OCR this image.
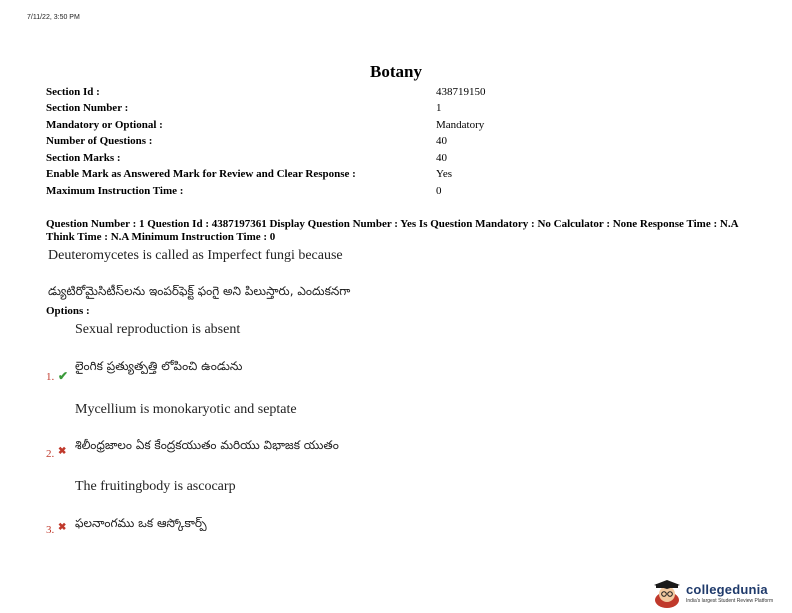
7/11/22, 3:50 PM
Botany
Section Id :	438719150
Section Number :	1
Mandatory or Optional :	Mandatory
Number of Questions :	40
Section Marks :	40
Enable Mark as Answered Mark for Review and Clear Response :	Yes
Maximum Instruction Time :	0
Question Number : 1 Question Id : 4387197361 Display Question Number : Yes Is Question Mandatory : No Calculator : None Response Time : N.A Think Time : N.A Minimum Instruction Time : 0
Deuteromycetes is called as Imperfect fungi because
డ్యుటిరోమైసిటీస్‌లను ఇంపర్‌ఫెక్ట్ ఫంగై అని పిలుస్తారు, ఎందుకనగా
Options :
Sexual reproduction is absent
లైంగిక ప్రత్యుత్పత్తి లోపించి ఉండును
1. ✔
Mycellium is monokaryotic and septate
శిలీంధ్రజాలం ఏక కేంద్రకయుతం మరియు విభాజక యుతం
2. ✖
The fruitingbody is ascocarp
ఫలనాంగము ఒక ఆస్కోకార్ప్
3. ✖
collegedunia
India's largest Student Review Platform
